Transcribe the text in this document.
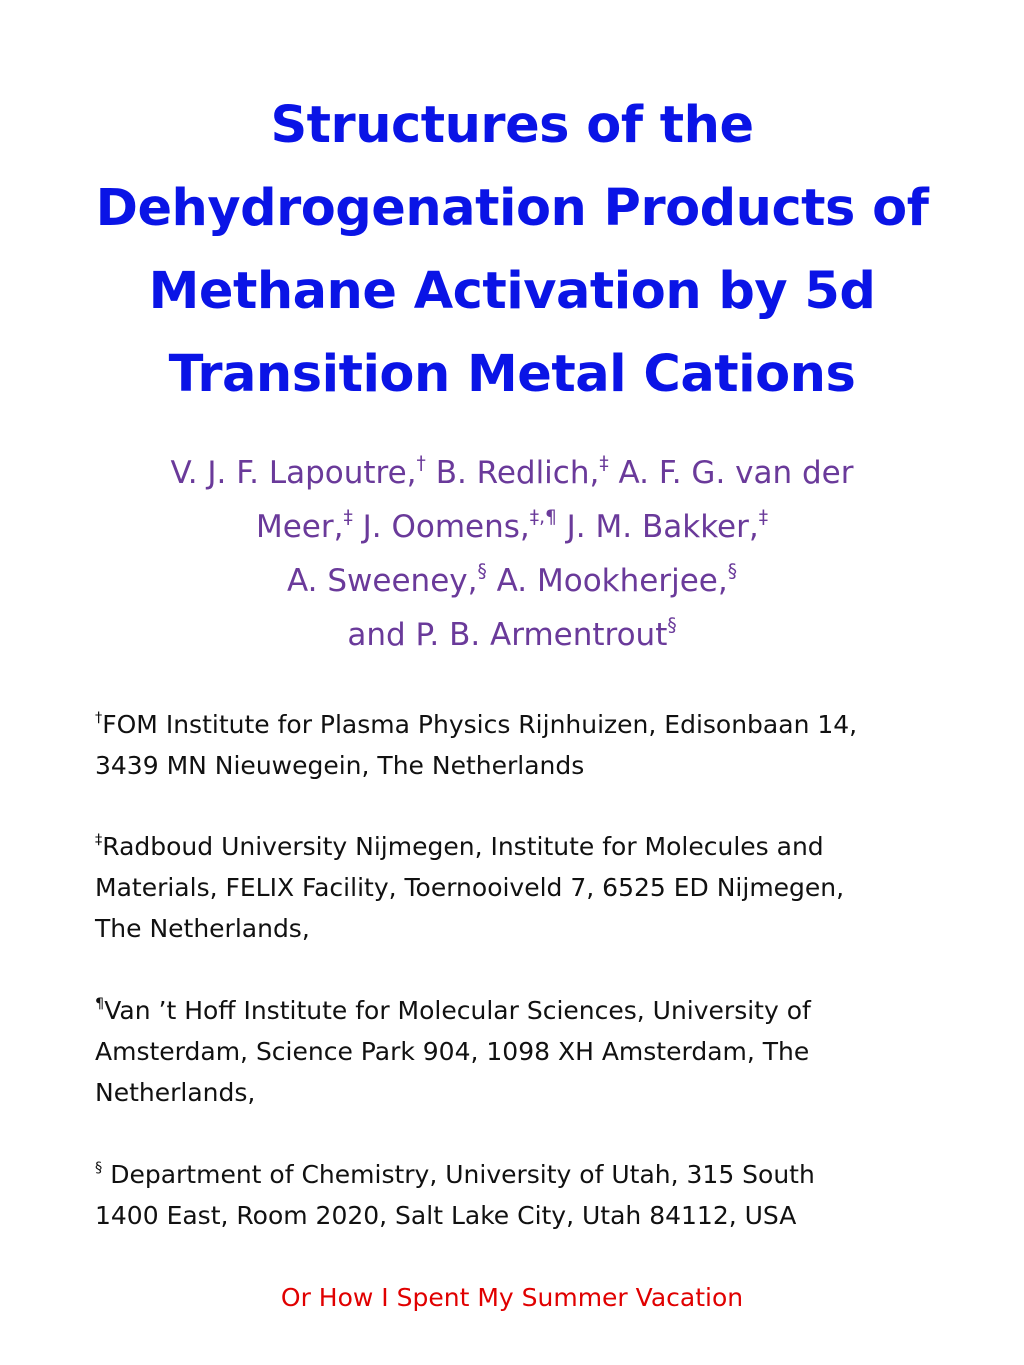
Structures of the
Dehydrogenation Products of
Methane Activation by 5d
Transition Metal Cations
V. J. F. Lapoutre,† B. Redlich,‡ A. F. G. van der
Meer,‡ J. Oomens,‡,¶ J. M. Bakker,‡
A. Sweeney,§ A. Mookherjee,§
and P. B. Armentrout§
†FOM Institute for Plasma Physics Rijnhuizen, Edisonbaan 14,
3439 MN Nieuwegein, The Netherlands
‡Radboud University Nijmegen, Institute for Molecules and
Materials, FELIX Facility, Toernooiveld 7, 6525 ED Nijmegen,
The Netherlands,
¶Van ’t Hoff Institute for Molecular Sciences, University of
Amsterdam, Science Park 904, 1098 XH Amsterdam, The
Netherlands,
§ Department of Chemistry, University of Utah, 315 South
1400 East, Room 2020, Salt Lake City, Utah 84112, USA
Or How I Spent My Summer Vacation
